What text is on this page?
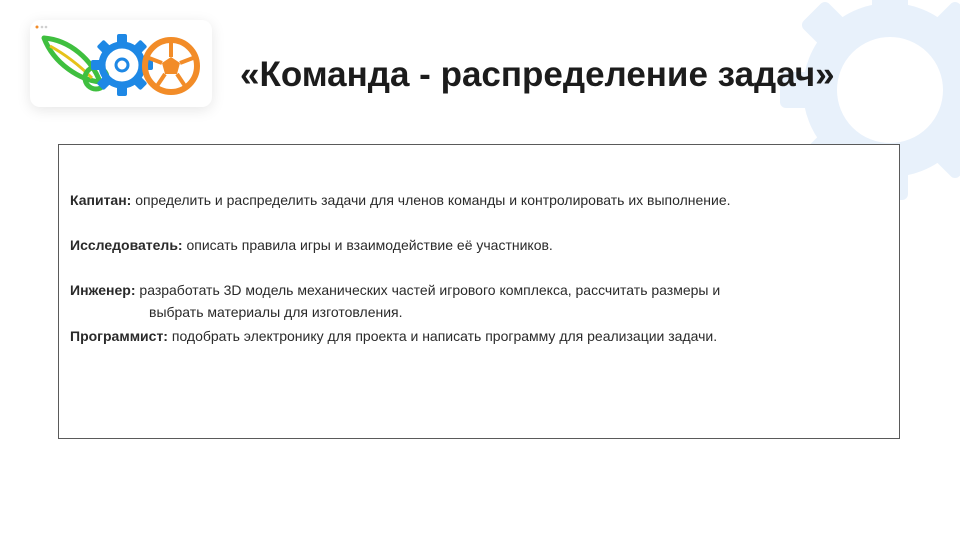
«Команда - распределение задач»
Капитан: определить и распределить задачи для членов команды и контролировать их выполнение.
Исследователь: описать правила игры и взаимодействие её участников.
Инженер: разработать 3D модель механических частей игрового комплекса, рассчитать размеры и
выбрать материалы для изготовления.
Программист: подобрать электронику для проекта и написать программу для реализации задачи.
